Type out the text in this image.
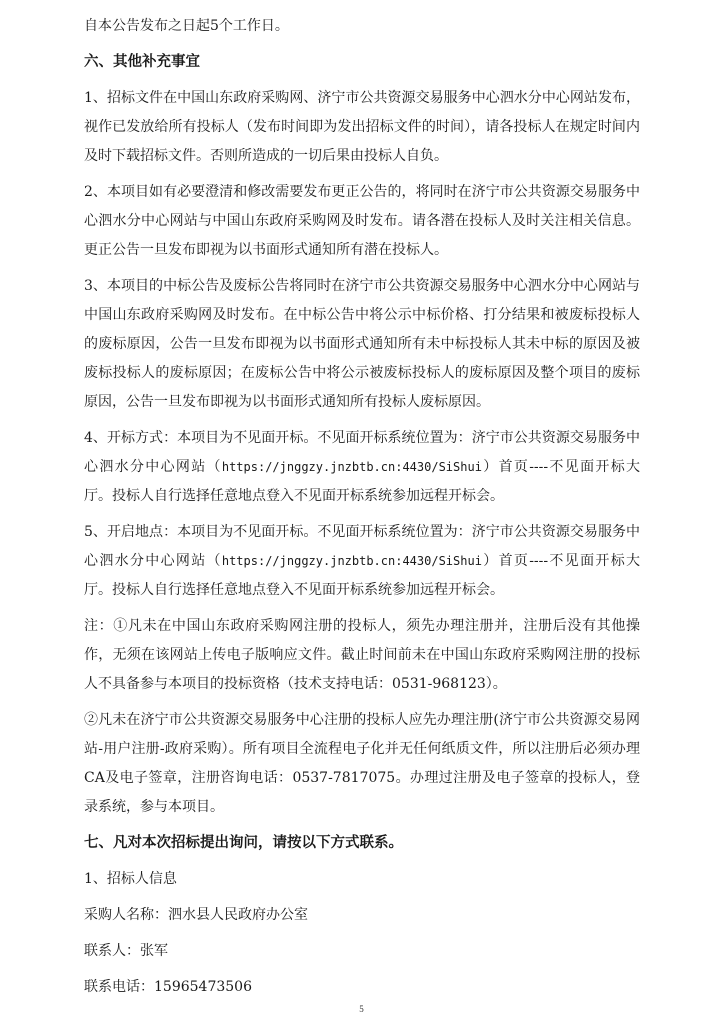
自本公告发布之日起5个工作日。

六、其他补充事宜

1、招标文件在中国山东政府采购网、济宁市公共资源交易服务中心泗水分中心网站发布，视作已发放给所有投标人（发布时间即为发出招标文件的时间），请各投标人在规定时间内及时下载招标文件。否则所造成的一切后果由投标人自负。

2、本项目如有必要澄清和修改需要发布更正公告的，将同时在济宁市公共资源交易服务中心泗水分中心网站与中国山东政府采购网及时发布。请各潜在投标人及时关注相关信息。更正公告一旦发布即视为以书面形式通知所有潜在投标人。

3、本项目的中标公告及废标公告将同时在济宁市公共资源交易服务中心泗水分中心网站与中国山东政府采购网及时发布。在中标公告中将公示中标价格、打分结果和被废标投标人的废标原因，公告一旦发布即视为以书面形式通知所有未中标投标人其未中标的原因及被废标投标人的废标原因；在废标公告中将公示被废标投标人的废标原因及整个项目的废标原因，公告一旦发布即视为以书面形式通知所有投标人废标原因。

4、开标方式：本项目为不见面开标。不见面开标系统位置为：济宁市公共资源交易服务中心泗水分中心网站（https://jnggzy.jnzbtb.cn:4430/SiShui）首页----不见面开标大厅。投标人自行选择任意地点登入不见面开标系统参加远程开标会。

5、开启地点：本项目为不见面开标。不见面开标系统位置为：济宁市公共资源交易服务中心泗水分中心网站（https://jnggzy.jnzbtb.cn:4430/SiShui）首页----不见面开标大厅。投标人自行选择任意地点登入不见面开标系统参加远程开标会。

注：①凡未在中国山东政府采购网注册的投标人，须先办理注册并，注册后没有其他操作，无须在该网站上传电子版响应文件。截止时间前未在中国山东政府采购网注册的投标人不具备参与本项目的投标资格（技术支持电话：0531-968123）。

②凡未在济宁市公共资源交易服务中心注册的投标人应先办理注册(济宁市公共资源交易网站-用户注册-政府采购）。所有项目全流程电子化并无任何纸质文件，所以注册后必须办理CA及电子签章，注册咨询电话：0537-7817075。办理过注册及电子签章的投标人，登录系统，参与本项目。

七、凡对本次招标提出询问，请按以下方式联系。

1、招标人信息

采购人名称：泗水县人民政府办公室

联系人：张军

联系电话：15965473506

5
